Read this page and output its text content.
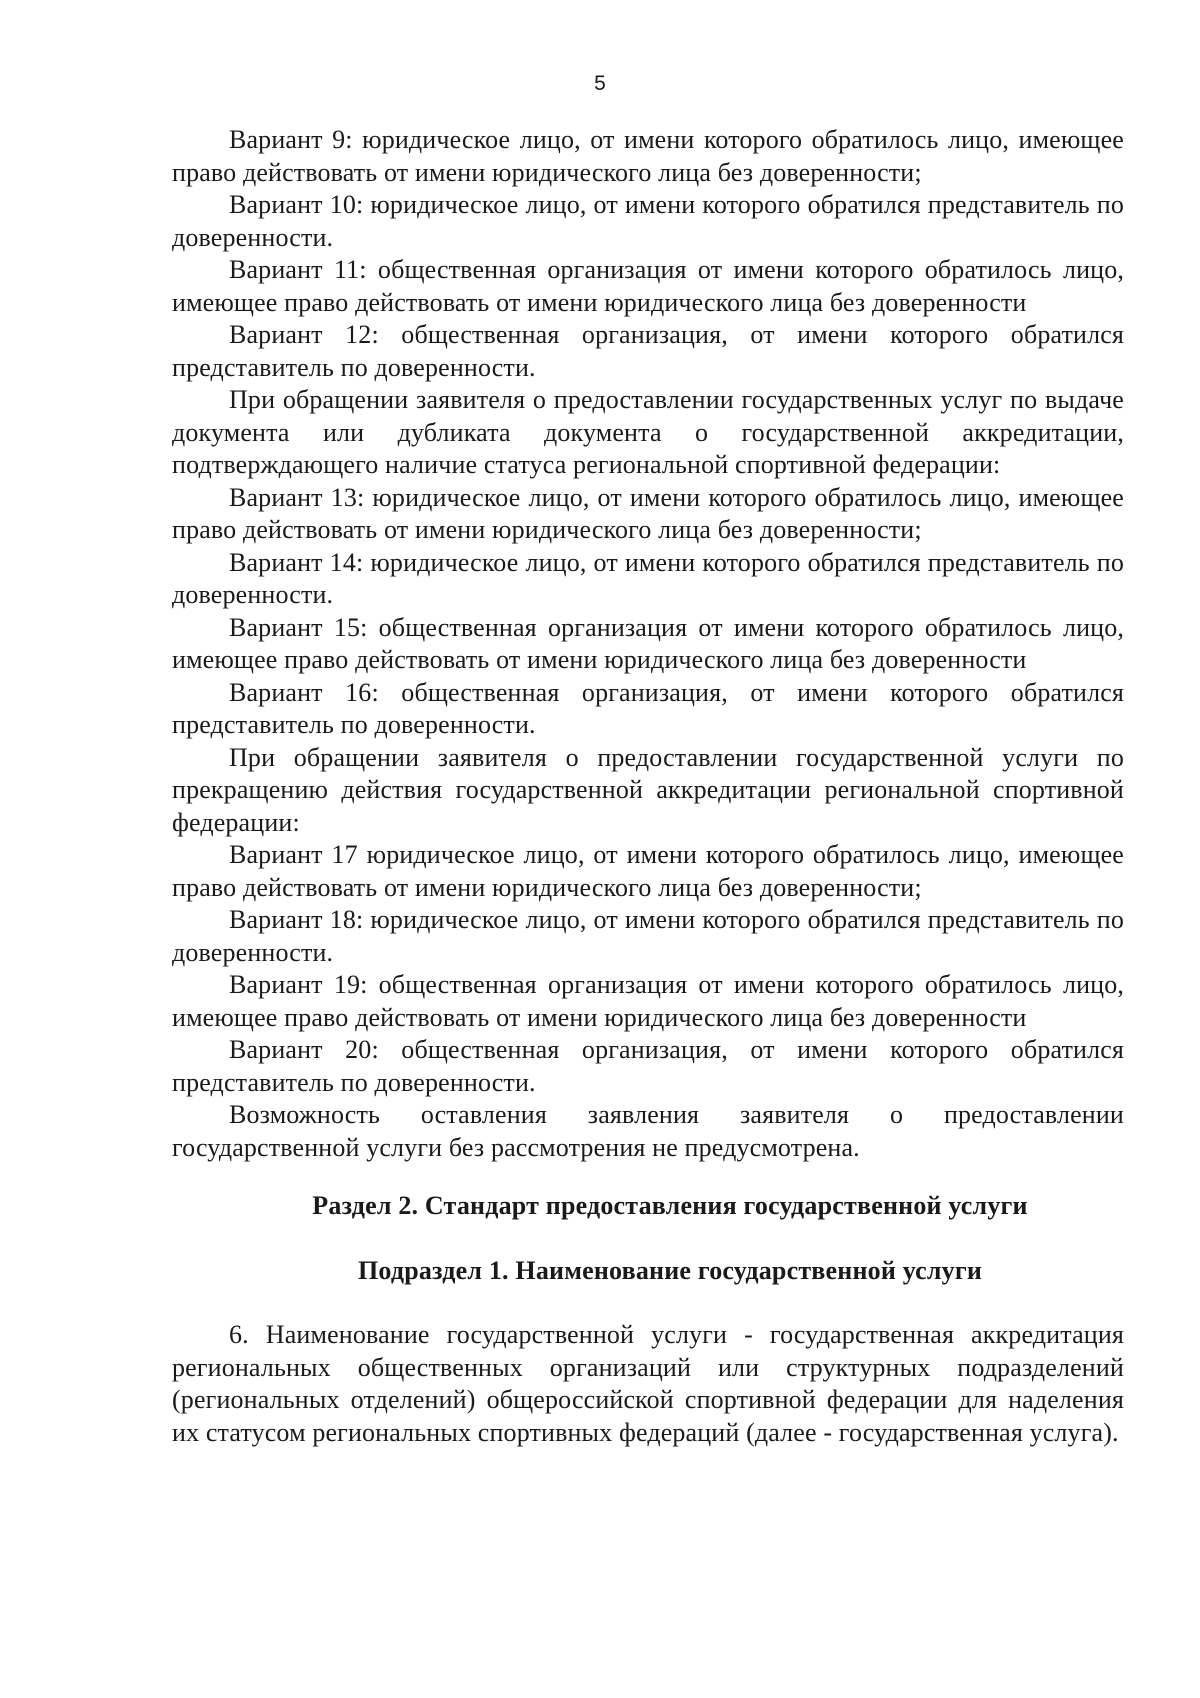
5

Вариант 9: юридическое лицо, от имени которого обратилось лицо, имеющее право действовать от имени юридического лица без доверенности;

Вариант 10: юридическое лицо, от имени которого обратился представитель по доверенности.

Вариант 11: общественная организация от имени которого обратилось лицо, имеющее право действовать от имени юридического лица без доверенности

Вариант 12: общественная организация, от имени которого обратился представитель по доверенности.

При обращении заявителя о предоставлении государственных услуг по выдаче документа или дубликата документа о государственной аккредитации, подтверждающего наличие статуса региональной спортивной федерации:

Вариант 13: юридическое лицо, от имени которого обратилось лицо, имеющее право действовать от имени юридического лица без доверенности;

Вариант 14: юридическое лицо, от имени которого обратился представитель по доверенности.

Вариант 15: общественная организация от имени которого обратилось лицо, имеющее право действовать от имени юридического лица без доверенности

Вариант 16: общественная организация, от имени которого обратился представитель по доверенности.

При обращении заявителя о предоставлении государственной услуги по прекращению действия государственной аккредитации региональной спортивной федерации:

Вариант 17 юридическое лицо, от имени которого обратилось лицо, имеющее право действовать от имени юридического лица без доверенности;

Вариант 18: юридическое лицо, от имени которого обратился представитель по доверенности.

Вариант 19: общественная организация от имени которого обратилось лицо, имеющее право действовать от имени юридического лица без доверенности

Вариант 20: общественная организация, от имени которого обратился представитель по доверенности.

Возможность оставления заявления заявителя о предоставлении государственной услуги без рассмотрения не предусмотрена.

Раздел 2. Стандарт предоставления государственной услуги
Подраздел 1. Наименование государственной услуги

6. Наименование государственной услуги - государственная аккредитация региональных общественных организаций или структурных подразделений (региональных отделений) общероссийской спортивной федерации для наделения их статусом региональных спортивных федераций (далее - государственная услуга).
